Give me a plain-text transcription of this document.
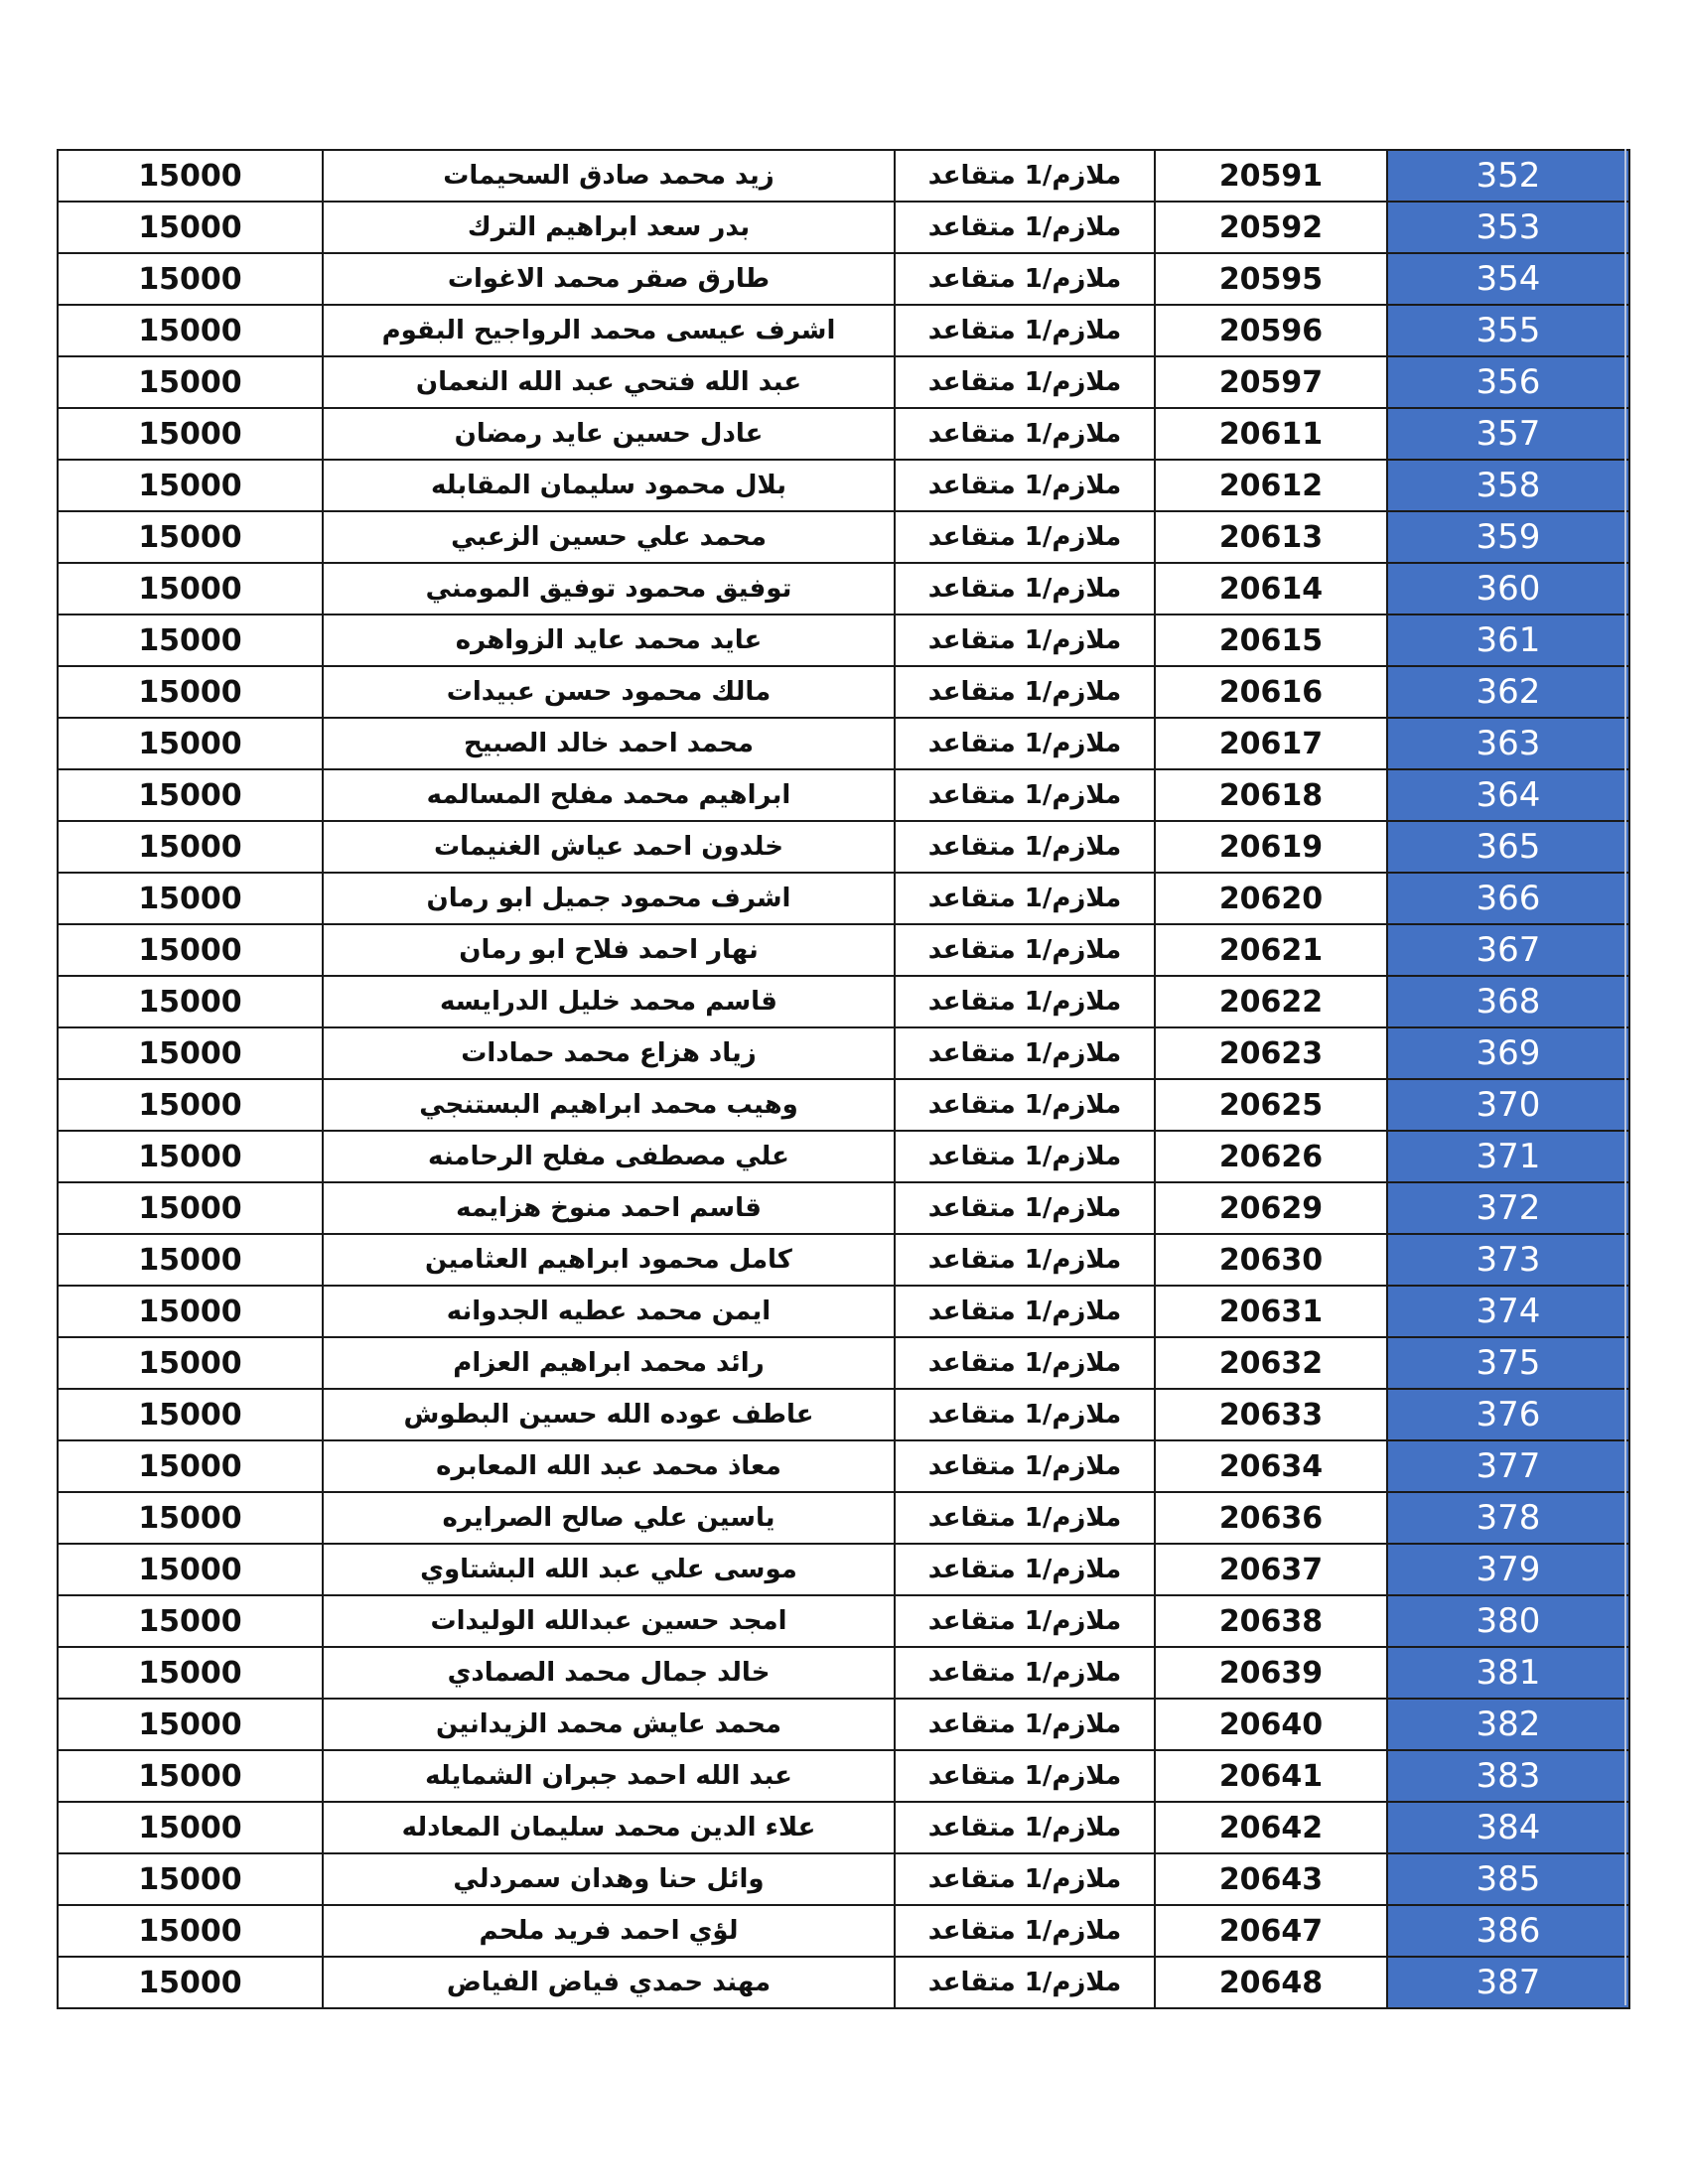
15000	زيد محمد صادق السحيمات	ملازم/1 متقاعد	20591	352
15000	بدر سعد ابراهيم الترك	ملازم/1 متقاعد	20592	353
15000	طارق صقر محمد الاغوات	ملازم/1 متقاعد	20595	354
15000	اشرف عيسى محمد الرواجيح البقوم	ملازم/1 متقاعد	20596	355
15000	عبد الله فتحي عبد الله النعمان	ملازم/1 متقاعد	20597	356
15000	عادل حسين عايد رمضان	ملازم/1 متقاعد	20611	357
15000	بلال محمود سليمان المقابله	ملازم/1 متقاعد	20612	358
15000	محمد علي حسين الزعبي	ملازم/1 متقاعد	20613	359
15000	توفيق محمود توفيق المومني	ملازم/1 متقاعد	20614	360
15000	عايد محمد عايد الزواهره	ملازم/1 متقاعد	20615	361
15000	مالك محمود حسن عبيدات	ملازم/1 متقاعد	20616	362
15000	محمد احمد خالد الصبيح	ملازم/1 متقاعد	20617	363
15000	ابراهيم محمد مفلح المسالمه	ملازم/1 متقاعد	20618	364
15000	خلدون احمد عياش الغنيمات	ملازم/1 متقاعد	20619	365
15000	اشرف محمود جميل ابو رمان	ملازم/1 متقاعد	20620	366
15000	نهار احمد فلاح ابو رمان	ملازم/1 متقاعد	20621	367
15000	قاسم محمد خليل الدرايسه	ملازم/1 متقاعد	20622	368
15000	زياد هزاع محمد حمادات	ملازم/1 متقاعد	20623	369
15000	وهيب محمد ابراهيم البستنجي	ملازم/1 متقاعد	20625	370
15000	علي مصطفى مفلح الرحامنه	ملازم/1 متقاعد	20626	371
15000	قاسم احمد منوخ هزايمه	ملازم/1 متقاعد	20629	372
15000	كامل محمود ابراهيم العثامين	ملازم/1 متقاعد	20630	373
15000	ايمن محمد عطيه الجدوانه	ملازم/1 متقاعد	20631	374
15000	رائد محمد ابراهيم العزام	ملازم/1 متقاعد	20632	375
15000	عاطف عوده الله حسين البطوش	ملازم/1 متقاعد	20633	376
15000	معاذ محمد عبد الله المعابره	ملازم/1 متقاعد	20634	377
15000	ياسين علي صالح الصرايره	ملازم/1 متقاعد	20636	378
15000	موسى علي عبد الله البشتاوي	ملازم/1 متقاعد	20637	379
15000	امجد حسين عبدالله الوليدات	ملازم/1 متقاعد	20638	380
15000	خالد جمال محمد الصمادي	ملازم/1 متقاعد	20639	381
15000	محمد عايش محمد الزيدانين	ملازم/1 متقاعد	20640	382
15000	عبد الله احمد جبران الشمايله	ملازم/1 متقاعد	20641	383
15000	علاء الدين محمد سليمان المعادله	ملازم/1 متقاعد	20642	384
15000	وائل حنا وهدان سمردلي	ملازم/1 متقاعد	20643	385
15000	لؤي احمد فريد ملحم	ملازم/1 متقاعد	20647	386
15000	مهند حمدي فياض الفياض	ملازم/1 متقاعد	20648	387
